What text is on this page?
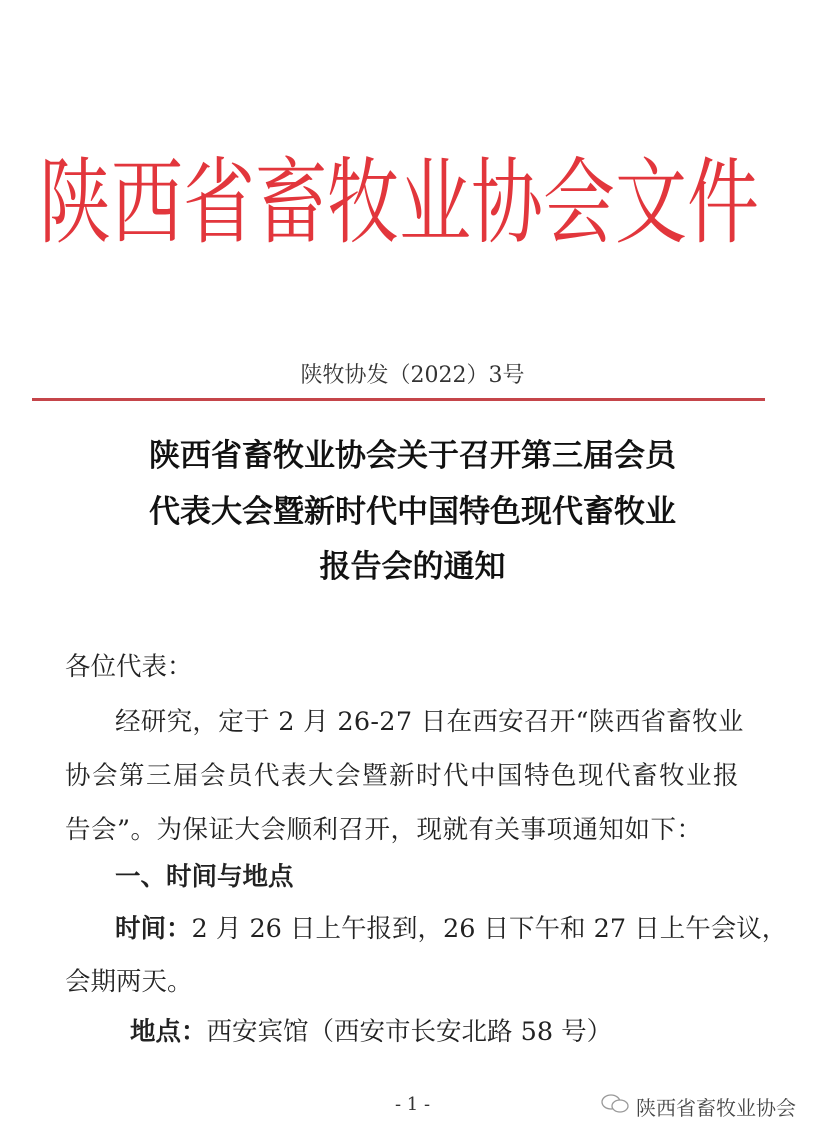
陕西省畜牧业协会文件
陕牧协发（2022）3号
陕西省畜牧业协会关于召开第三届会员
代表大会暨新时代中国特色现代畜牧业
报告会的通知
各位代表：
经研究，定于 2 月 26-27 日在西安召开“陕西省畜牧业
协会第三届会员代表大会暨新时代中国特色现代畜牧业报
告会”。为保证大会顺利召开，现就有关事项通知如下：
一、时间与地点
时间：2 月 26 日上午报到，26 日下午和 27 日上午会议，
会期两天。
地点：西安宾馆（西安市长安北路 58 号）
- 1 -	陕西省畜牧业协会
